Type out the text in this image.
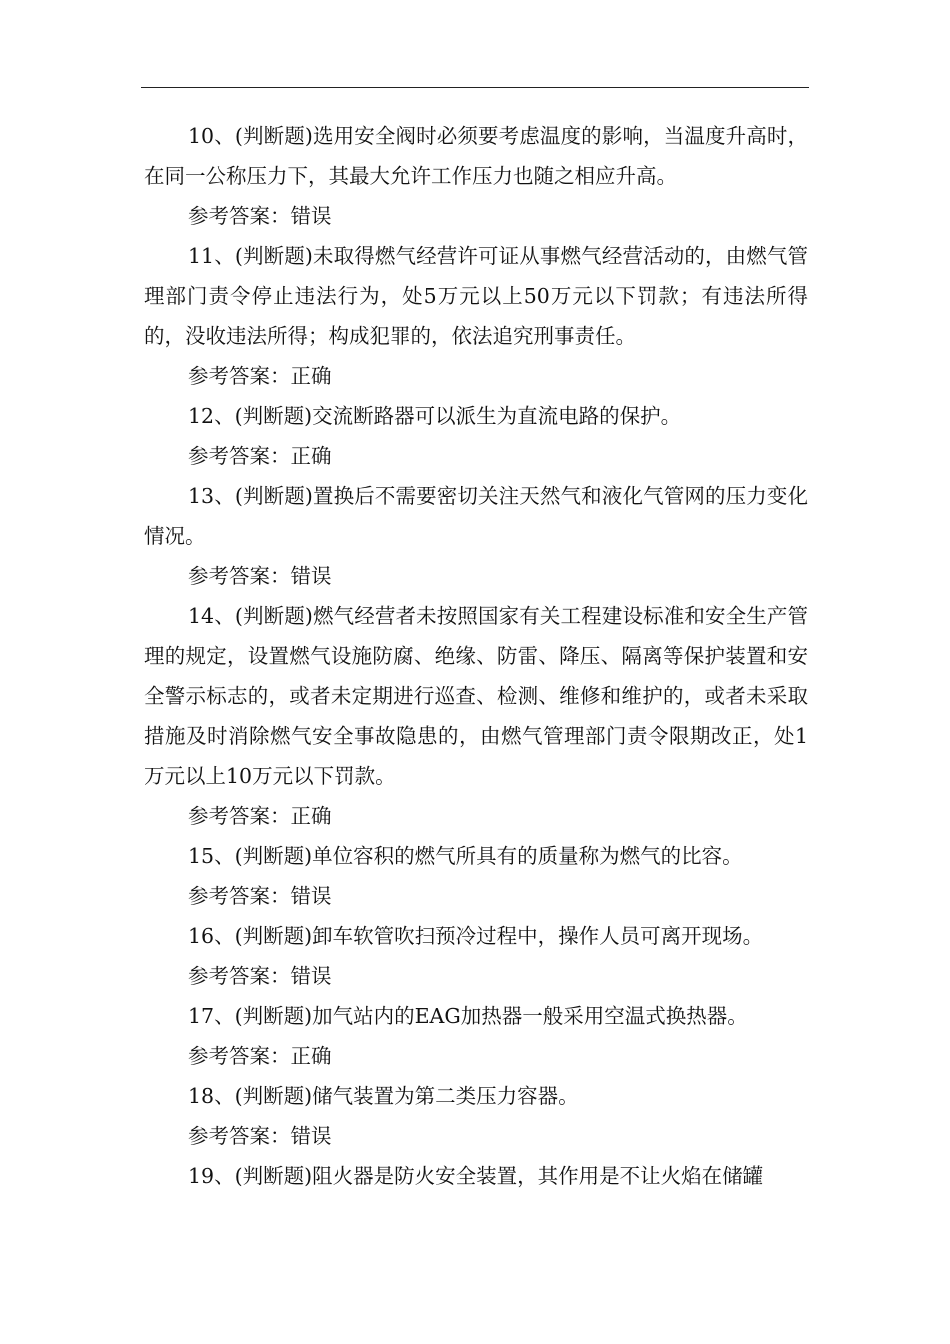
10、(判断题)选用安全阀时必须要考虑温度的影响，当温度升高时，在同一公称压力下，其最大允许工作压力也随之相应升高。

参考答案：错误

11、(判断题)未取得燃气经营许可证从事燃气经营活动的，由燃气管理部门责令停止违法行为，处5万元以上50万元以下罚款；有违法所得的，没收违法所得；构成犯罪的，依法追究刑事责任。

参考答案：正确

12、(判断题)交流断路器可以派生为直流电路的保护。

参考答案：正确

13、(判断题)置换后不需要密切关注天然气和液化气管网的压力变化情况。

参考答案：错误

14、(判断题)燃气经营者未按照国家有关工程建设标准和安全生产管理的规定，设置燃气设施防腐、绝缘、防雷、降压、隔离等保护装置和安全警示标志的，或者未定期进行巡查、检测、维修和维护的，或者未采取措施及时消除燃气安全事故隐患的，由燃气管理部门责令限期改正，处1万元以上10万元以下罚款。

参考答案：正确

15、(判断题)单位容积的燃气所具有的质量称为燃气的比容。

参考答案：错误

16、(判断题)卸车软管吹扫预冷过程中，操作人员可离开现场。

参考答案：错误

17、(判断题)加气站内的EAG加热器一般采用空温式换热器。

参考答案：正确

18、(判断题)储气装置为第二类压力容器。

参考答案：错误

19、(判断题)阻火器是防火安全装置，其作用是不让火焰在储罐
